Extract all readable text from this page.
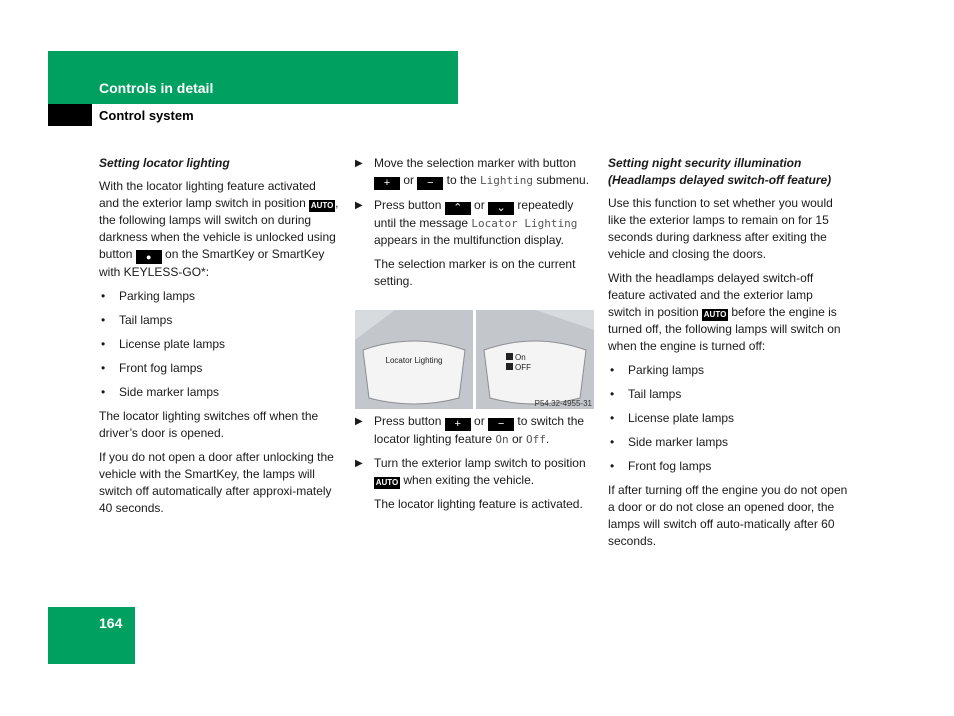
Controls in detail
Control system
Setting locator lighting

With the locator lighting feature activated and the exterior lamp switch in position AUTO , the following lamps will switch on during darkness when the vehicle is unlocked using button ● on the SmartKey or SmartKey with KEYLESS-GO*:

• Parking lamps
• Tail lamps
• License plate lamps
• Front fog lamps
• Side marker lamps

The locator lighting switches off when the driver’s door is opened.

If you do not open a door after unlocking the vehicle with the SmartKey, the lamps will switch off automatically after approxi-mately 40 seconds.

▶ Move the selection marker with button + or − to the Lighting submenu.
▶ Press button ⌃ or ⌄ repeatedly until the message Locator Lighting appears in the multifunction display.

The selection marker is on the current setting.

Locator Lighting	On
OFF
P54.32-4955-31
▶ Press button + or − to switch the locator lighting feature On or Off.
▶ Turn the exterior lamp switch to position AUTO when exiting the vehicle.

The locator lighting feature is activated.

Setting night security illumination (Headlamps delayed switch-off feature)

Use this function to set whether you would like the exterior lamps to remain on for 15 seconds during darkness after exiting the vehicle and closing the doors.

With the headlamps delayed switch-off feature activated and the exterior lamp switch in position AUTO before the engine is turned off, the following lamps will switch on when the engine is turned off:

• Parking lamps
• Tail lamps
• License plate lamps
• Side marker lamps
• Front fog lamps

If after turning off the engine you do not open a door or do not close an opened door, the lamps will switch off auto-matically after 60 seconds.

164
